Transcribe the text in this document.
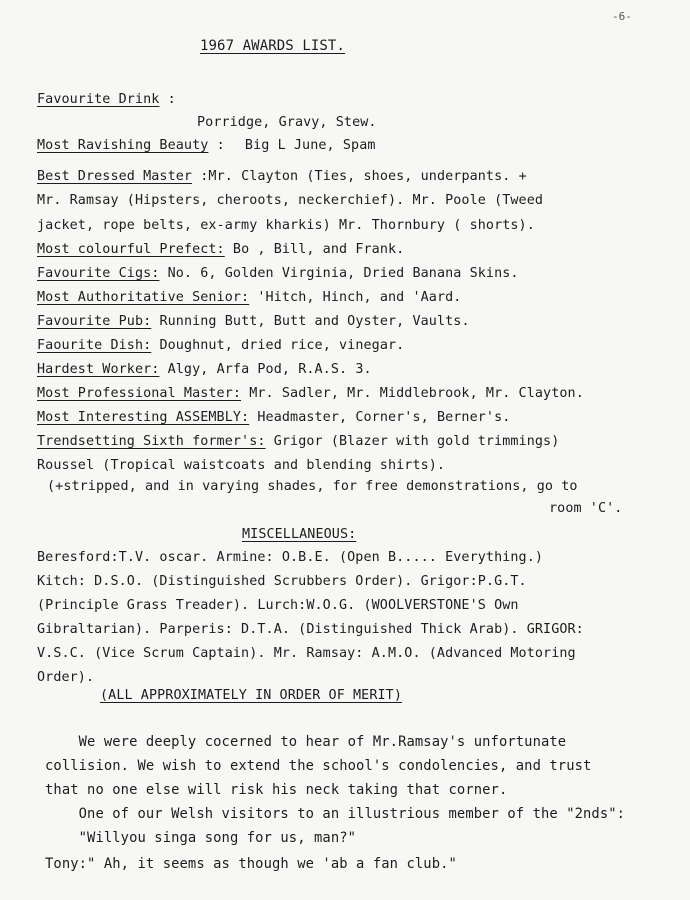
-6-
1967 AWARDS LIST.
Favourite Drink :
Porridge, Gravy, Stew.
Most Ravishing Beauty : Big L June, Spam
Best Dressed Master :Mr. Clayton (Ties, shoes, underpants. +
Mr. Ramsay (Hipsters, cheroots, neckerchief). Mr. Poole (Tweed
jacket, rope belts, ex-army kharkis) Mr. Thornbury ( shorts).
Most colourful Prefect: Bo , Bill, and Frank.
Favourite Cigs: No. 6, Golden Virginia, Dried Banana Skins.
Most Authoritative Senior: 'Hitch, Hinch, and 'Aard.
Favourite Pub: Running Butt, Butt and Oyster, Vaults.
Faourite Dish: Doughnut, dried rice, vinegar.
Hardest Worker: Algy, Arfa Pod, R.A.S. 3.
Most Professional Master: Mr. Sadler, Mr. Middlebrook, Mr. Clayton.
Most Interesting ASSEMBLY: Headmaster, Corner's, Berner's.
Trendsetting Sixth former's: Grigor (Blazer with gold trimmings)
Roussel (Tropical waistcoats and blending shirts).
(+stripped, and in varying shades, for free demonstrations, go to
room 'C'.
MISCELLANEOUS:
Beresford:T.V. oscar. Armine: O.B.E. (Open B..... Everything.)
Kitch: D.S.O. (Distinguished Scrubbers Order). Grigor:P.G.T.
(Principle Grass Treader). Lurch:W.O.G. (WOOLVERSTONE'S Own
Gibraltarian). Parperis: D.T.A. (Distinguished Thick Arab). GRIGOR:
V.S.C. (Vice Scrum Captain). Mr. Ramsay: A.M.O. (Advanced Motoring
Order).
(ALL APPROXIMATELY IN ORDER OF MERIT)
We were deeply cocerned to hear of Mr.Ramsay's unfortunate
collision. We wish to extend the school's condolencies, and trust
that no one else will risk his neck taking that corner.
One of our Welsh visitors to an illustrious member of the "2nds":
"Willyou singa song for us, man?"
Tony:" Ah, it seems as though we 'ab a fan club."
